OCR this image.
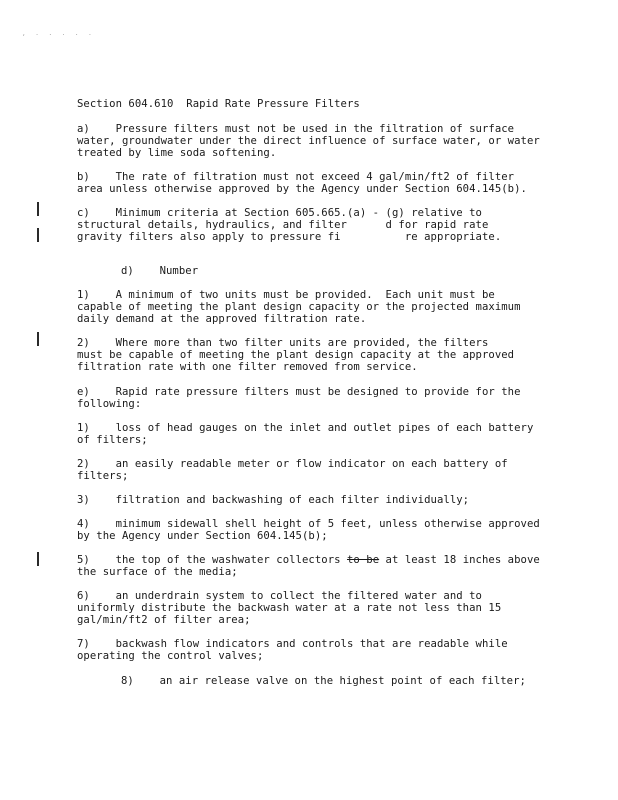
, . . . . .
Section 604.610  Rapid Rate Pressure Filters
a)    Pressure filters must not be used in the filtration of surface
water, groundwater under the direct influence of surface water, or water
treated by lime soda softening.
b)    The rate of filtration must not exceed 4 gal/min/ft2 of filter
area unless otherwise approved by the Agency under Section 604.145(b).
c)    Minimum criteria at Section 605.665.(a) - (g) relative to
structural details, hydraulics, and filter      d for rapid rate
gravity filters also apply to pressure fi          re appropriate.
d)    Number
1)    A minimum of two units must be provided.  Each unit must be
capable of meeting the plant design capacity or the projected maximum
daily demand at the approved filtration rate.
2)    Where more than two filter units are provided, the filters
must be capable of meeting the plant design capacity at the approved
filtration rate with one filter removed from service.
e)    Rapid rate pressure filters must be designed to provide for the
following:
1)    loss of head gauges on the inlet and outlet pipes of each battery
of filters;
2)    an easily readable meter or flow indicator on each battery of
filters;
3)    filtration and backwashing of each filter individually;
4)    minimum sidewall shell height of 5 feet, unless otherwise approved
by the Agency under Section 604.145(b);
5)    the top of the washwater collectors to be at least 18 inches above
the surface of the media;
6)    an underdrain system to collect the filtered water and to
uniformly distribute the backwash water at a rate not less than 15
gal/min/ft2 of filter area;
7)    backwash flow indicators and controls that are readable while
operating the control valves;
8)    an air release valve on the highest point of each filter;
